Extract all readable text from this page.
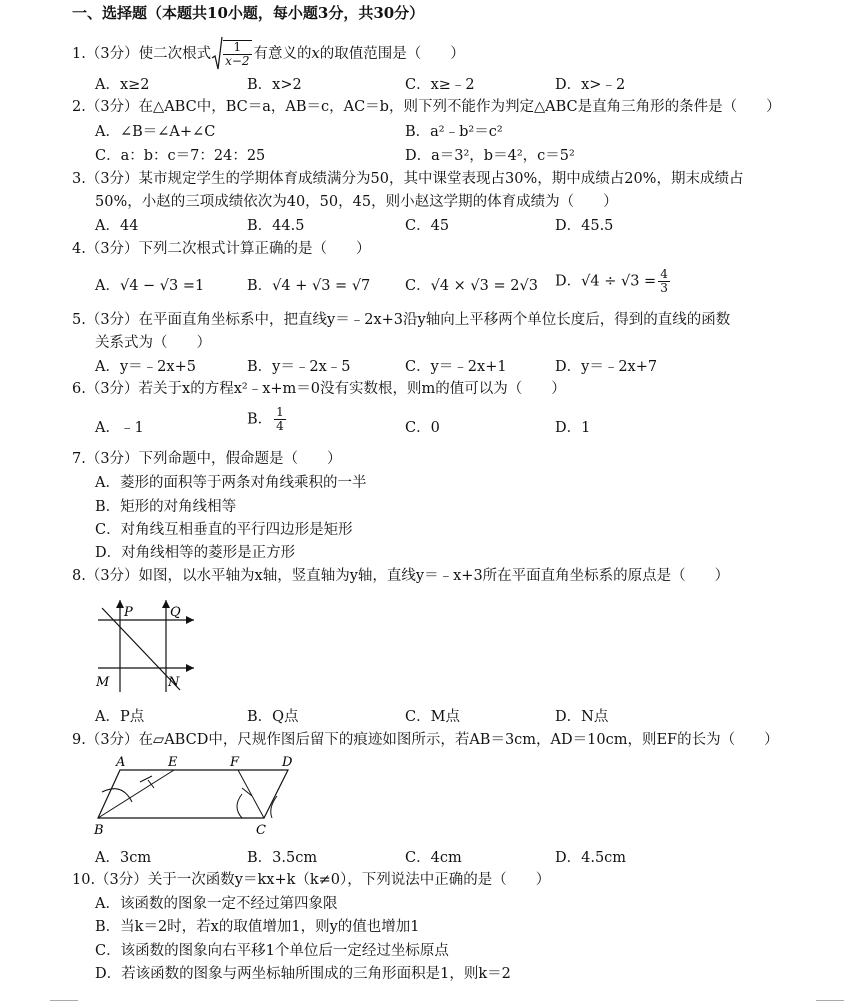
一、选择题（本题共10小题，每小题3分，共30分）
1.（3分）使二次根式 $\frac{1}{x-2}$ 有意义的x的取值范围是（　　）
A．x≥2	B．x>2	C．x≥﹣2	D．x>﹣2
2.（3分）在△ABC中，BC＝a，AB＝c，AC＝b，则下列不能作为判定△ABC是直角三角形的条件是（　　）
A．∠B＝∠A+∠C	B．a²﹣b²＝c²
C．a：b：c＝7：24：25	D．a＝3²，b＝4²，c＝5²
3.（3分）某市规定学生的学期体育成绩满分为50，其中课堂表现占30%，期中成绩占20%，期末成绩占
50%，小赵的三项成绩依次为40，50，45，则小赵这学期的体育成绩为（　　）
A．44	B．44.5	C．45	D．45.5
4.（3分）下列二次根式计算正确的是（　　）
A．√4 − √3 =1	B．√4 + √3 = √7 C．√4 × √3 = 2√3 D．$√4 \div √3 = \frac{4}{3}$
5.（3分）在平面直角坐标系中，把直线y＝﹣2x+3沿y轴向上平移两个单位长度后，得到的直线的函数
关系式为（　　）
A．y＝﹣2x+5	B．y＝﹣2x﹣5	C．y＝﹣2x+1	D．y＝﹣2x+7
6.（3分）若关于x的方程x²﹣x+m＝0没有实数根，则m的值可以为（　　）
A．﹣1
B． $\frac{1}{4}$	C．0	D．1
7.（3分）下列命题中，假命题是（　　）
A．菱形的面积等于两条对角线乘积的一半
B．矩形的对角线相等
C．对角线互相垂直的平行四边形是矩形
D．对角线相等的菱形是正方形
8.（3分）如图，以水平轴为x轴，竖直轴为y轴，直线y＝﹣x+3所在平面直角坐标系的原点是（　　）
P	Q
M	N
A．P点	B．Q点	C．M点	D．N点
9.（3分）在▱ABCD中，尺规作图后留下的痕迹如图所示，若AB＝3cm，AD＝10cm，则EF的长为（　　）
A	E	F	D
B	C
A．3cm	B．3.5cm	C．4cm	D．4.5cm
10.（3分）关于一次函数y＝kx+k（k≠0），下列说法中正确的是（　　）
A．该函数的图象一定不经过第四象限
B．当k＝2时，若x的取值增加1，则y的值也增加1
C．该函数的图象向右平移1个单位后一定经过坐标原点
D．若该函数的图象与两坐标轴所围成的三角形面积是1，则k＝2
